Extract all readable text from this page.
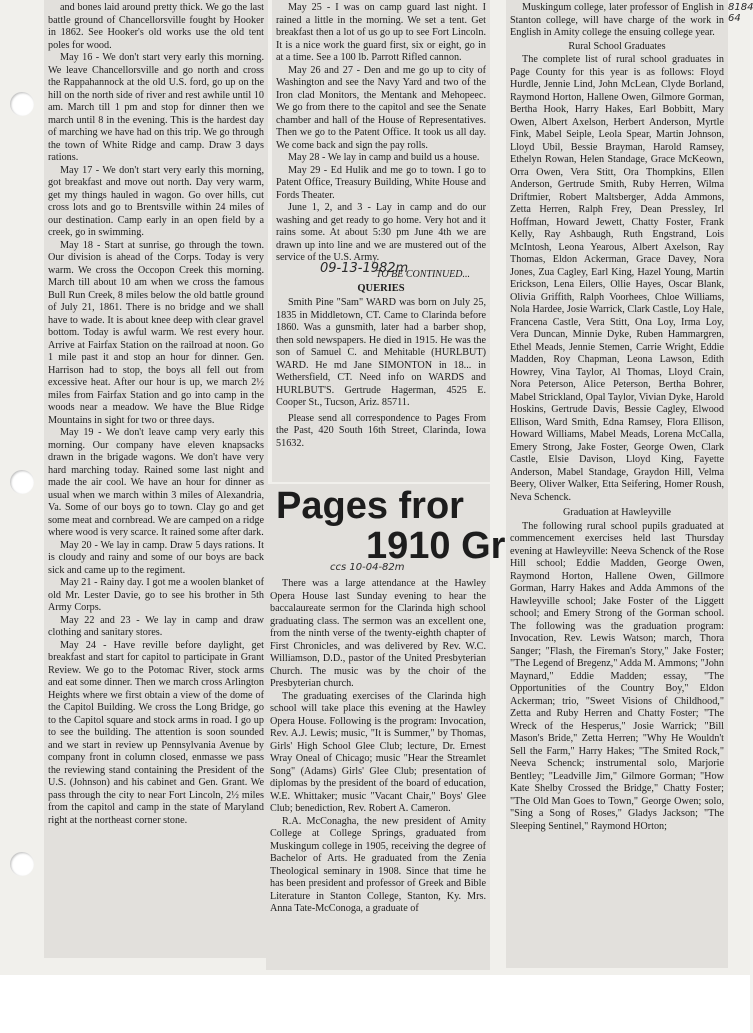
8184 64

and bones laid around pretty thick. We go the last battle ground of Chancellorsville fought by Hooker in 1862. See Hooker's old works use the old tent poles for wood.

May 16 - We don't start very early this morning. We leave Chancellorsville and go north and cross the Rappahannock at the old U.S. ford, go up on the hill on the north side of river and rest awhile until 10 am. March till 1 pm and stop for dinner then we march until 8 in the evening. This is the hardest day of marching we have had on this trip. We go through the town of White Ridge and camp. Draw 3 days rations.

May 17 - We don't start very early this morning, got breakfast and move out north. Day very warm, get my things hauled in wagon. Go over hills, cut cross lots and go to Brentsville within 24 miles of our destination. Camp early in an open field by a creek, go in swimming.

May 18 - Start at sunrise, go through the town. Our division is ahead of the Corps. Today is very warm. We cross the Occopon Creek this morning. March till about 10 am when we cross the famous Bull Run Creek, 8 miles below the old battle ground of July 21, 1861. There is no bridge and we shall have to wade. It is about knee deep with clear gravel bottom. Today is awful warm. We rest every hour. Arrive at Fairfax Station on the railroad at noon. Go 1 mile past it and stop an hour for dinner. Gen. Harrison had to stop, the boys all fell out from excessive heat. After our hour is up, we march 2½ miles from Fairfax Station and go into camp in the woods near a meadow. We have the Blue Ridge Mountains in sight for two or three days.

May 19 - We don't leave camp very early this morning. Our company have eleven knapsacks drawn in the brigade wagons. We don't have very hard marching today. Rained some last night and made the air cool. We have an hour for dinner as usual when we march within 3 miles of Alexandria, Va. Some of our boys go to town. Clay go and get some meat and cornbread. We are camped on a ridge where wood is very scarce. It rained some after dark.

May 20 - We lay in camp. Draw 5 days rations. It is cloudy and rainy and some of our boys are back sick and came up to the regiment.

May 21 - Rainy day. I got me a woolen blanket of old Mr. Lester Davie, go to see his brother in 5th Army Corps.

May 22 and 23 - We lay in camp and draw clothing and sanitary stores.

May 24 - Have reville before daylight, get breakfast and start for capitol to participate in Grant Review. We go to the Potomac River, stock arms and eat some dinner. Then we march cross Arlington Heights where we first obtain a view of the dome of the Capitol Building. We cross the Long Bridge, go to the Capitol square and stock arms in road. I go up to see the building. The attention is soon sounded and we start in review up Pennsylvania Avenue by company front in column closed, enmasse we pass the reviewing stand containing the President of the U.S. (Johnson) and his cabinet and Gen. Grant. We pass through the city to near Fort Lincoln, 2½ miles from the capitol and camp in the state of Maryland right at the northeast corner stone.

May 25 - I was on camp guard last night. I rained a little in the morning. We set a tent. Get breakfast then a lot of us go up to see Fort Lincoln. It is a nice work the guard first, six or eight, go in at a time. See a 100 lb. Parrott Rifled cannon.

May 26 and 27 - Den and me go up to city of Washington and see the Navy Yard and two of the Iron clad Monitors, the Mentank and Mehopeec. We go from there to the capitol and see the Senate chamber and hall of the House of Representatives. Then we go to the Patent Office. It took us all day. We come back and sign the pay rolls.

May 28 - We lay in camp and build us a house.

May 29 - Ed Hulik and me go to town. I go to Patent Office, Treasury Building, White House and Fords Theater.

June 1, 2, and 3 - Lay in camp and do our washing and get ready to go home. Very hot and it rains some. At about 5:30 pm June 4th we are drawn up into line and we are mustered out of the service of the U.S. Army.

09-13-1982m
TO BE CONTINUED...
QUERIES

Smith Pine "Sam" WARD was born on July 25, 1835 in Middletown, CT. Came to Clarinda before 1860. Was a gunsmith, later had a barber shop, then sold newspapers. He died in 1915. He was the son of Samuel C. and Mehitable (HURLBUT) WARD. He md Jane SIMONTON in 18... in Wethersfield, CT. Need info on WARDS and HURLBUT'S. Gertrude Hagerman, 4525 E. Cooper St., Tucson, Ariz. 85711.

Please send all correspondence to Pages From the Past, 420 South 16th Street, Clarinda, Iowa 51632.

Pages fror
1910 Gr
ccs 10-04-82m

There was a large attendance at the Hawley Opera House last Sunday evening to hear the baccalaureate sermon for the Clarinda high school graduating class. The sermon was an excellent one, from the ninth verse of the twenty-eighth chapter of First Chronicles, and was delivered by Rev. W.C. Williamson, D.D., pastor of the United Presbyterian Church. The music was by the choir of the Presbyterian church.

The graduating exercises of the Clarinda high school will take place this evening at the Hawley Opera House. Following is the program: Invocation, Rev. A.J. Lewis; music, "It is Summer," by Thomas, Girls' High School Glee Club; lecture, Dr. Ernest Wray Oneal of Chicago; music "Hear the Streamlet Song" (Adams) Girls' Glee Club; presentation of diplomas by the president of the board of education, W.E. Whittaker; music "Vacant Chair," Boys' Glee Club; benediction, Rev. Robert A. Cameron.

R.A. McConagha, the new president of Amity College at College Springs, graduated from Muskingum college in 1905, receiving the degree of Bachelor of Arts. He graduated from the Zenia Theological seminary in 1908. Since that time he has been president and professor of Greek and Bible Literature in Stanton College, Stanton, Ky. Mrs. Anna Tate-McConoga, a graduate of

Muskingum college, later professor of English in Stanton college, will have charge of the work in English in Amity college the ensuing college year.

Rural School Graduates

The complete list of rural school graduates in Page County for this year is as follows: Floyd Hurdle, Jennie Lind, John McLean, Clyde Borland, Raymond Horton, Hallene Owen, Gilmore Gorman, Bertha Hook, Harry Hakes, Earl Bobbitt, Mary Owen, Albert Axelson, Herbert Anderson, Myrtle Fink, Mabel Seiple, Leola Spear, Martin Johnson, Lloyd Ubil, Bessie Brayman, Harold Ramsey, Ethelyn Rowan, Helen Standage, Grace McKeown, Orra Owen, Vera Stitt, Ora Thompkins, Ellen Anderson, Gertrude Smith, Ruby Herren, Wilma Driftmier, Robert Maltsberger, Adda Ammons, Zetta Herren, Ralph Frey, Dean Pressley, Irl Hoffman, Howard Jewett, Chatty Foster, Frank Kelly, Ray Ashbaugh, Ruth Engstrand, Lois McIntosh, Leona Yearous, Albert Axelson, Ray Thomas, Eldon Ackerman, Grace Davey, Nora Jones, Zua Cagley, Earl King, Hazel Young, Martin Erickson, Lena Eilers, Ollie Hayes, Oscar Blank, Olivia Griffith, Ralph Voorhees, Chloe Williams, Nola Hardee, Josie Warrick, Clark Castle, Loy Hale, Francena Castle, Vera Stitt, Ona Loy, Irma Loy, Vera Duncan, Minnie Dyke, Ruben Hammargren, Ethel Meads, Jennie Stemen, Carrie Wright, Eddie Madden, Roy Chapman, Leona Lawson, Edith Howrey, Vina Taylor, Al Thomas, Lloyd Crain, Nora Peterson, Alice Peterson, Bertha Bohrer, Mabel Strickland, Opal Taylor, Vivian Dyke, Harold Hoskins, Gertrude Davis, Bessie Cagley, Elwood Ellison, Ward Smith, Edna Ramsey, Flora Ellison, Howard Williams, Mabel Meads, Lorena McCalla, Emery Strong, Jake Foster, George Owen, Clark Castle, Elsie Davison, Lloyd King, Fayette Anderson, Mabel Standage, Graydon Hill, Velma Beery, Oliver Walker, Etta Seifering, Homer Roush, Neva Schenck.

Graduation at Hawleyville

The following rural school pupils graduated at commencement exercises held last Thursday evening at Hawleyville: Neeva Schenck of the Rose Hill school; Eddie Madden, George Owen, Raymond Horton, Hallene Owen, Gillmore Gorman, Harry Hakes and Adda Ammons of the Hawleyville school; Jake Foster of the Liggett school; and Emery Strong of the Gorman school. The following was the graduation program: Invocation, Rev. Lewis Watson; march, Thora Sanger; "Flash, the Fireman's Story," Jake Foster; "The Legend of Bregenz," Adda M. Ammons; "John Maynard," Eddie Madden; essay, "The Opportunities of the Country Boy," Eldon Ackerman; trio, "Sweet Visions of Childhood," Zetta and Ruby Herren and Chatty Foster; "The Wreck of the Hesperus," Josie Warrick; "Bill Mason's Bride," Zetta Herren; "Why He Wouldn't Sell the Farm," Harry Hakes; "The Smited Rock," Neeva Schenck; instrumental solo, Marjorie Bentley; "Leadville Jim," Gilmore Gorman; "How Kate Shelby Crossed the Bridge," Chatty Foster; "The Old Man Goes to Town," George Owen; solo, "Sing a Song of Roses," Gladys Jackson; "The Sleeping Sentinel," Raymond HOrton;
